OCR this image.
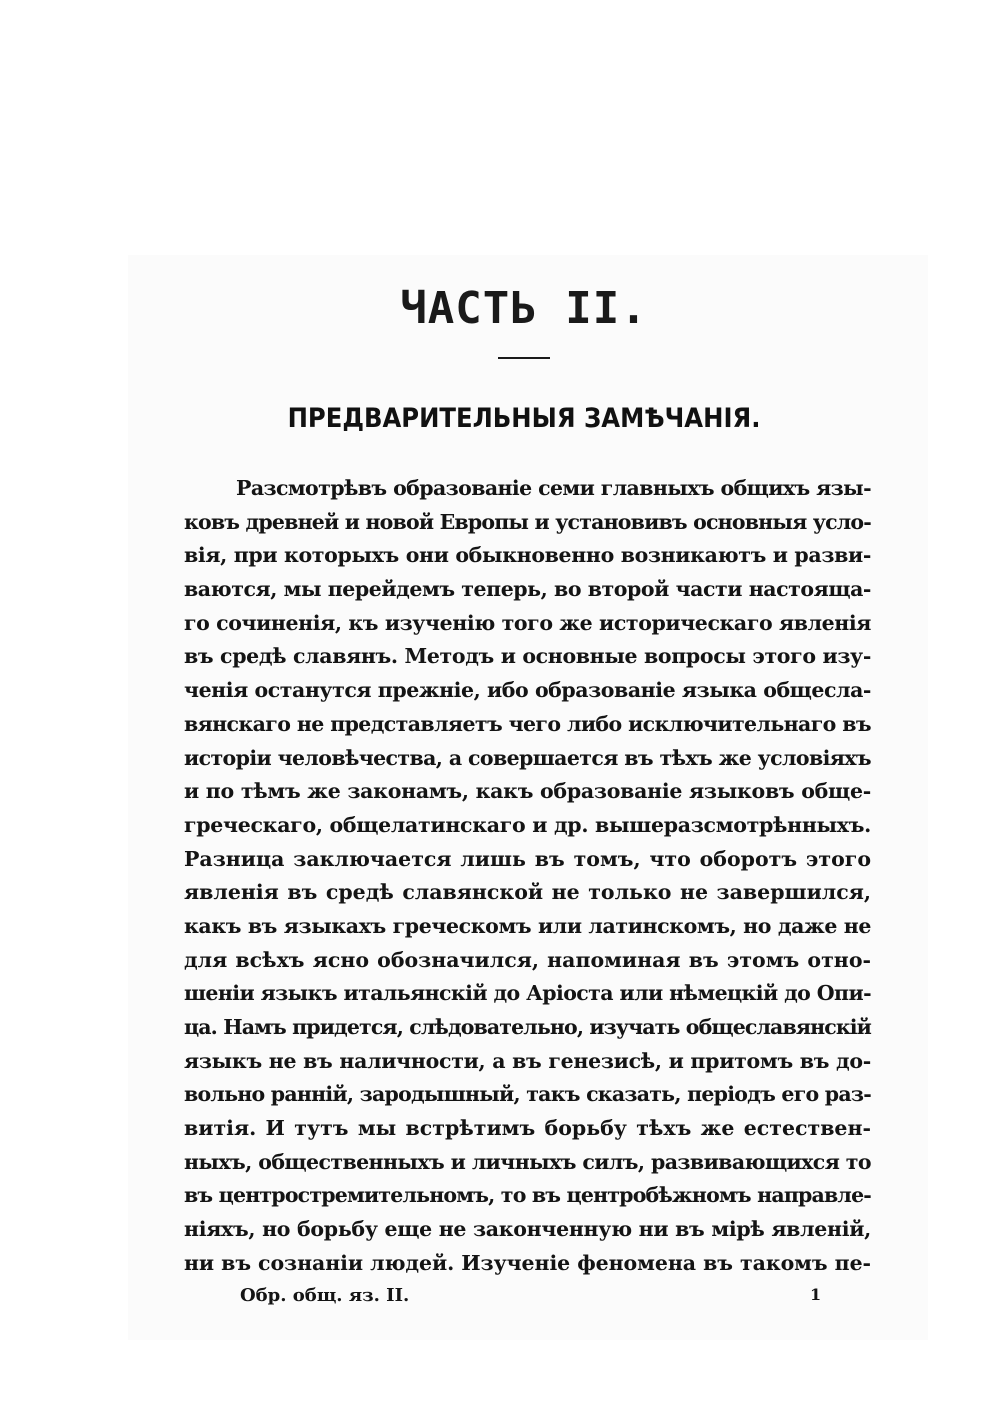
ЧАСТЬ II.
ПРЕДВАРИТЕЛЬНЫЯ ЗАМѢЧАНІЯ.
Разсмотрѣвъ образованіе семи главныхъ общихъ язы-
ковъ древней и новой Европы и установивъ основныя усло-
вія, при которыхъ они обыкновенно возникаютъ и разви-
ваются, мы перейдемъ теперь, во второй части настояща-
го сочиненія, къ изученію того же историческаго явленія
въ средѣ славянъ. Методъ и основные вопросы этого изу-
ченія останутся прежніе, ибо образованіе языка общесла-
вянскаго не представляетъ чего либо исключительнаго въ
исторіи человѣчества, а совершается въ тѣхъ же условіяхъ
и по тѣмъ же законамъ, какъ образованіе языковъ обще-
греческаго, общелатинскаго и др. вышеразсмотрѣнныхъ.
Разница заключается лишь въ томъ, что оборотъ этого
явленія въ средѣ славянской не только не завершился,
какъ въ языкахъ греческомъ или латинскомъ, но даже не
для всѣхъ ясно обозначился, напоминая въ этомъ отно-
шеніи языкъ итальянскій до Аріоста или нѣмецкій до Опи-
ца. Намъ придется, слѣдовательно, изучать общеславянскій
языкъ не въ наличности, а въ генезисѣ, и притомъ въ до-
вольно ранній, зародышный, такъ сказать, періодъ его раз-
витія. И тутъ мы встрѣтимъ борьбу тѣхъ же естествен-
ныхъ, общественныхъ и личныхъ силъ, развивающихся то
въ центростремительномъ, то въ центробѣжномъ направле-
ніяхъ, но борьбу еще не законченную ни въ мірѣ явленій,
ни въ сознаніи людей. Изученіе феномена въ такомъ пе-
Обр. общ. яз. II.	1
